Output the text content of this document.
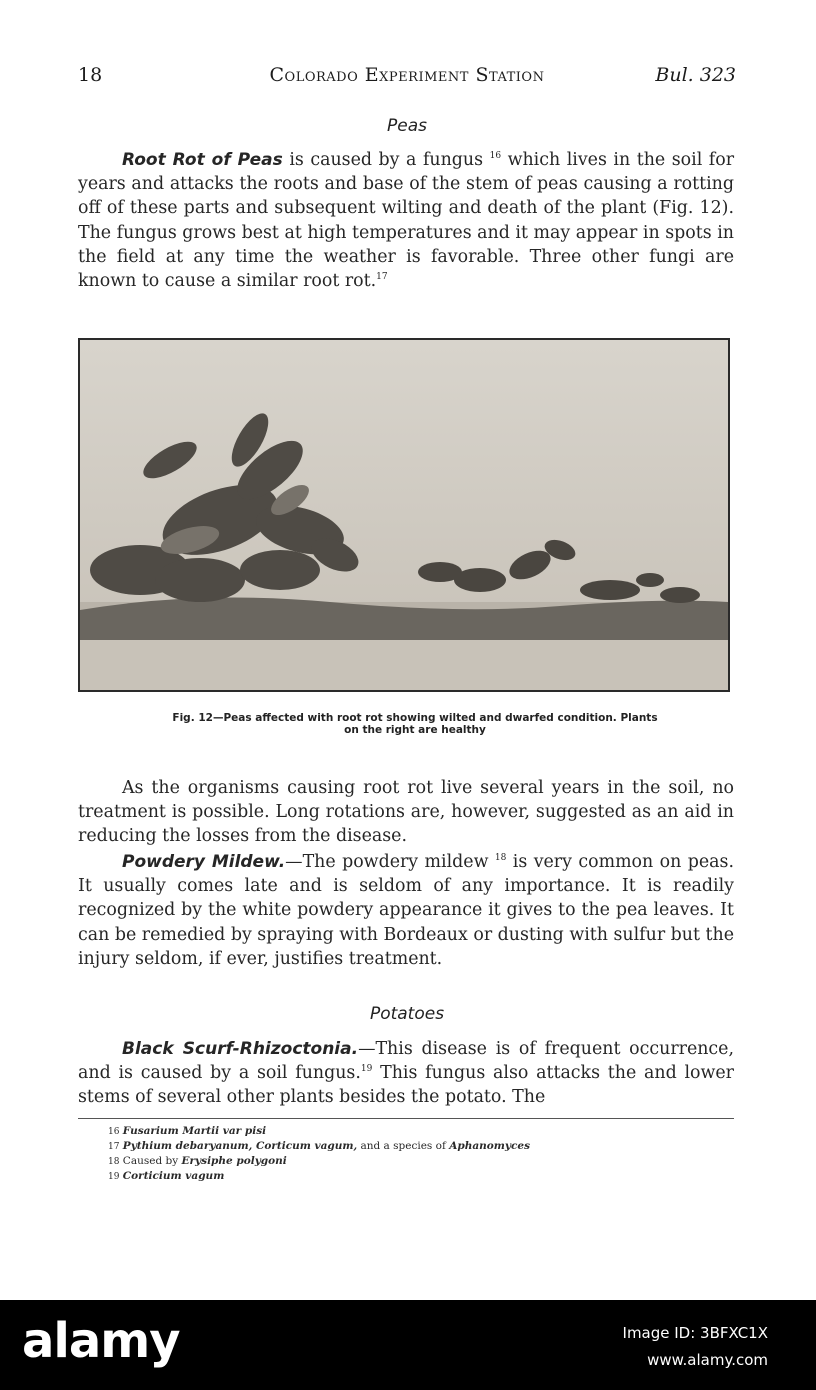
18	Colorado Experiment Station	Bul. 323
Peas

Root Rot of Peas is caused by a fungus $^{16}$ which lives in the soil for years and attacks the roots and base of the stem of peas causing a rotting off of these parts and subsequent wilting and death of the plant (Fig. 12). The fungus grows best at high temperatures and it may appear in spots in the field at any time the weather is favorable. Three other fungi are known to cause a similar root rot.$^{17}$

Fig. 12—Peas affected with root rot showing wilted and dwarfed condition. Plants
on the right are healthy

As the organisms causing root rot live several years in the soil, no treatment is possible. Long rotations are, however, suggested as an aid in reducing the losses from the disease.

Powdery Mildew.—The powdery mildew $^{18}$ is very common on peas. It usually comes late and is seldom of any importance. It is readily recognized by the white powdery appearance it gives to the pea leaves. It can be remedied by spraying with Bordeaux or dusting with sulfur but the injury seldom, if ever, justifies treatment.

Potatoes

Black Scurf-Rhizoctonia.—This disease is of frequent occurrence, and is caused by a soil fungus.$^{19}$ This fungus also attacks the and lower stems of several other plants besides the potato. The

16 Fusarium Martii var pisi
17 Pythium debaryanum, Corticum vagum, and a species of Aphanomyces
18 Caused by Erysiphe polygoni
19 Corticium vagum
alamy	Image ID: 3BFXC1X
www.alamy.com
